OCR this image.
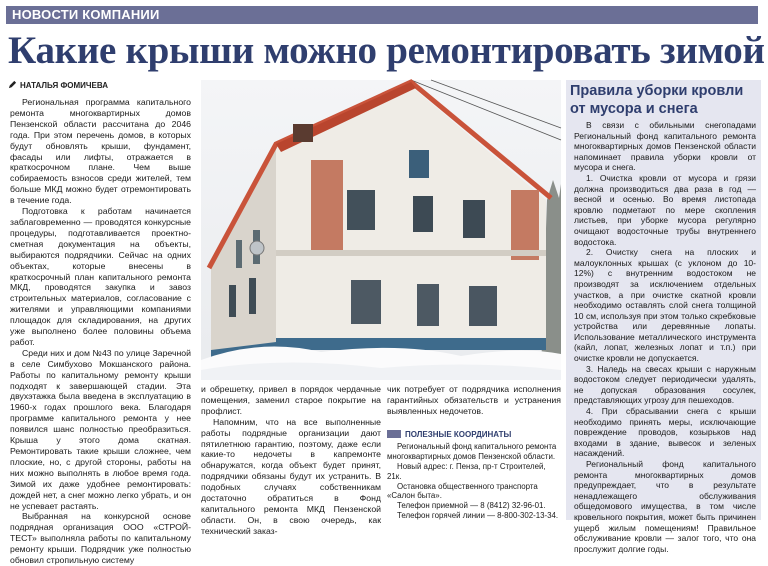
НОВОСТИ КОМПАНИИ
Какие крыши можно ремонтировать зимой
НАТАЛЬЯ ФОМИЧЕВА

Региональная программа капитального ремонта многоквартирных домов Пензенской области рассчитана до 2046 года. При этом перечень домов, в которых будут обновлять крыши, фундамент, фасады или лифты, отражается в краткосрочном плане. Чем выше собираемость взносов среди жителей, тем больше МКД можно будет отремонтировать в течение года.

Подготовка к работам начинается заблаговременно — проводятся конкурсные процедуры, подготавливается проектно-сметная документация на объекты, выбираются подрядчики. Сейчас на одних объектах, которые внесены в краткосрочный план капитального ремонта МКД, проводятся закупка и завоз строительных материалов, согласование с жителями и управляющими компаниями площадок для складирования, на других уже выполнено более половины объема работ.

Среди них и дом №43 по улице Заречной в селе Симбухово Мокшанского района. Работы по капитальному ремонту крыши подходят к завершающей стадии. Эта двухэтажка была введена в эксплуатацию в 1960-х годах прошлого века. Благодаря программе капитального ремонта у нее появился шанс полностью преобразиться. Крыша у этого дома скатная. Ремонтировать такие крыши сложнее, чем плоские, но, с другой стороны, работы на них можно выполнять в любое время года. Зимой их даже удобнее ремонтировать: дождей нет, а снег можно легко убрать, и он не успевает растаять.

Выбранная на конкурсной основе подрядная организация ООО «СТРОЙ-ТЕСТ» выполняла работы по капитальному ремонту крыши. Подрядчик уже полностью обновил стропильную систему

и обрешетку, привел в порядок чердачные помещения, заменил старое покрытие на профлист.

Напомним, что на все выполненные работы подрядные организации дают пятилетнюю гарантию, поэтому, даже если какие-то недочеты в капремонте обнаружатся, когда объект будет принят, подрядчики обязаны будут их устранить. В подобных случаях собственникам достаточно обратиться в Фонд капитального ремонта МКД Пензенской области. Он, в свою очередь, как технический заказ-

чик потребует от подрядчика исполнения гарантийных обязательств и устранения выявленных недочетов.

ПОЛЕЗНЫЕ КООРДИНАТЫ

Региональный фонд капитального ремонта многоквартирных домов Пензенской области.

Новый адрес: г. Пенза, пр-т Строителей, 21к.

Остановка общественного транспорта «Салон быта».

Телефон приемной — 8 (8412) 32-96-01.

Телефон горячей линии — 8-800-302-13-34.

Правила уборки кровли от мусора и снега

В связи с обильными снегопадами Региональный фонд капитального ремонта многоквартирных домов Пензенской области напоминает правила уборки кровли от мусора и снега.

1. Очистка кровли от мусора и грязи должна производиться два раза в год — весной и осенью. Во время листопада кровлю подметают по мере скопления листьев, при уборке мусора регулярно очищают водосточные трубы внутреннего водостока.

2. Очистку снега на плоских и малоуклонных крышах (с уклоном до 10-12%) с внутренним водостоком не производят за исключением отдельных участков, а при очистке скатной кровли необходимо оставлять слой снега толщиной 10 см, используя при этом только скребковые устройства или деревянные лопаты. Использование металлического инструмента (кайл, лопат, железных лопат и т.п.) при очистке кровли не допускается.

3. Наледь на свесах крыши с наружным водостоком следует периодически удалять, не допуская образования сосулек, представляющих угрозу для пешеходов.

4. При сбрасывании снега с крыши необходимо принять меры, исключающие повреждение проводов, козырьков над входами в здание, вывесок и зеленых насаждений.

Региональный фонд капитального ремонта многоквартирных домов предупреждает, что в результате ненадлежащего обслуживания общедомового имущества, в том числе кровельного покрытия, может быть причинен ущерб жилым помещениям! Правильное обслуживание кровли — залог того, что она прослужит долгие годы.
